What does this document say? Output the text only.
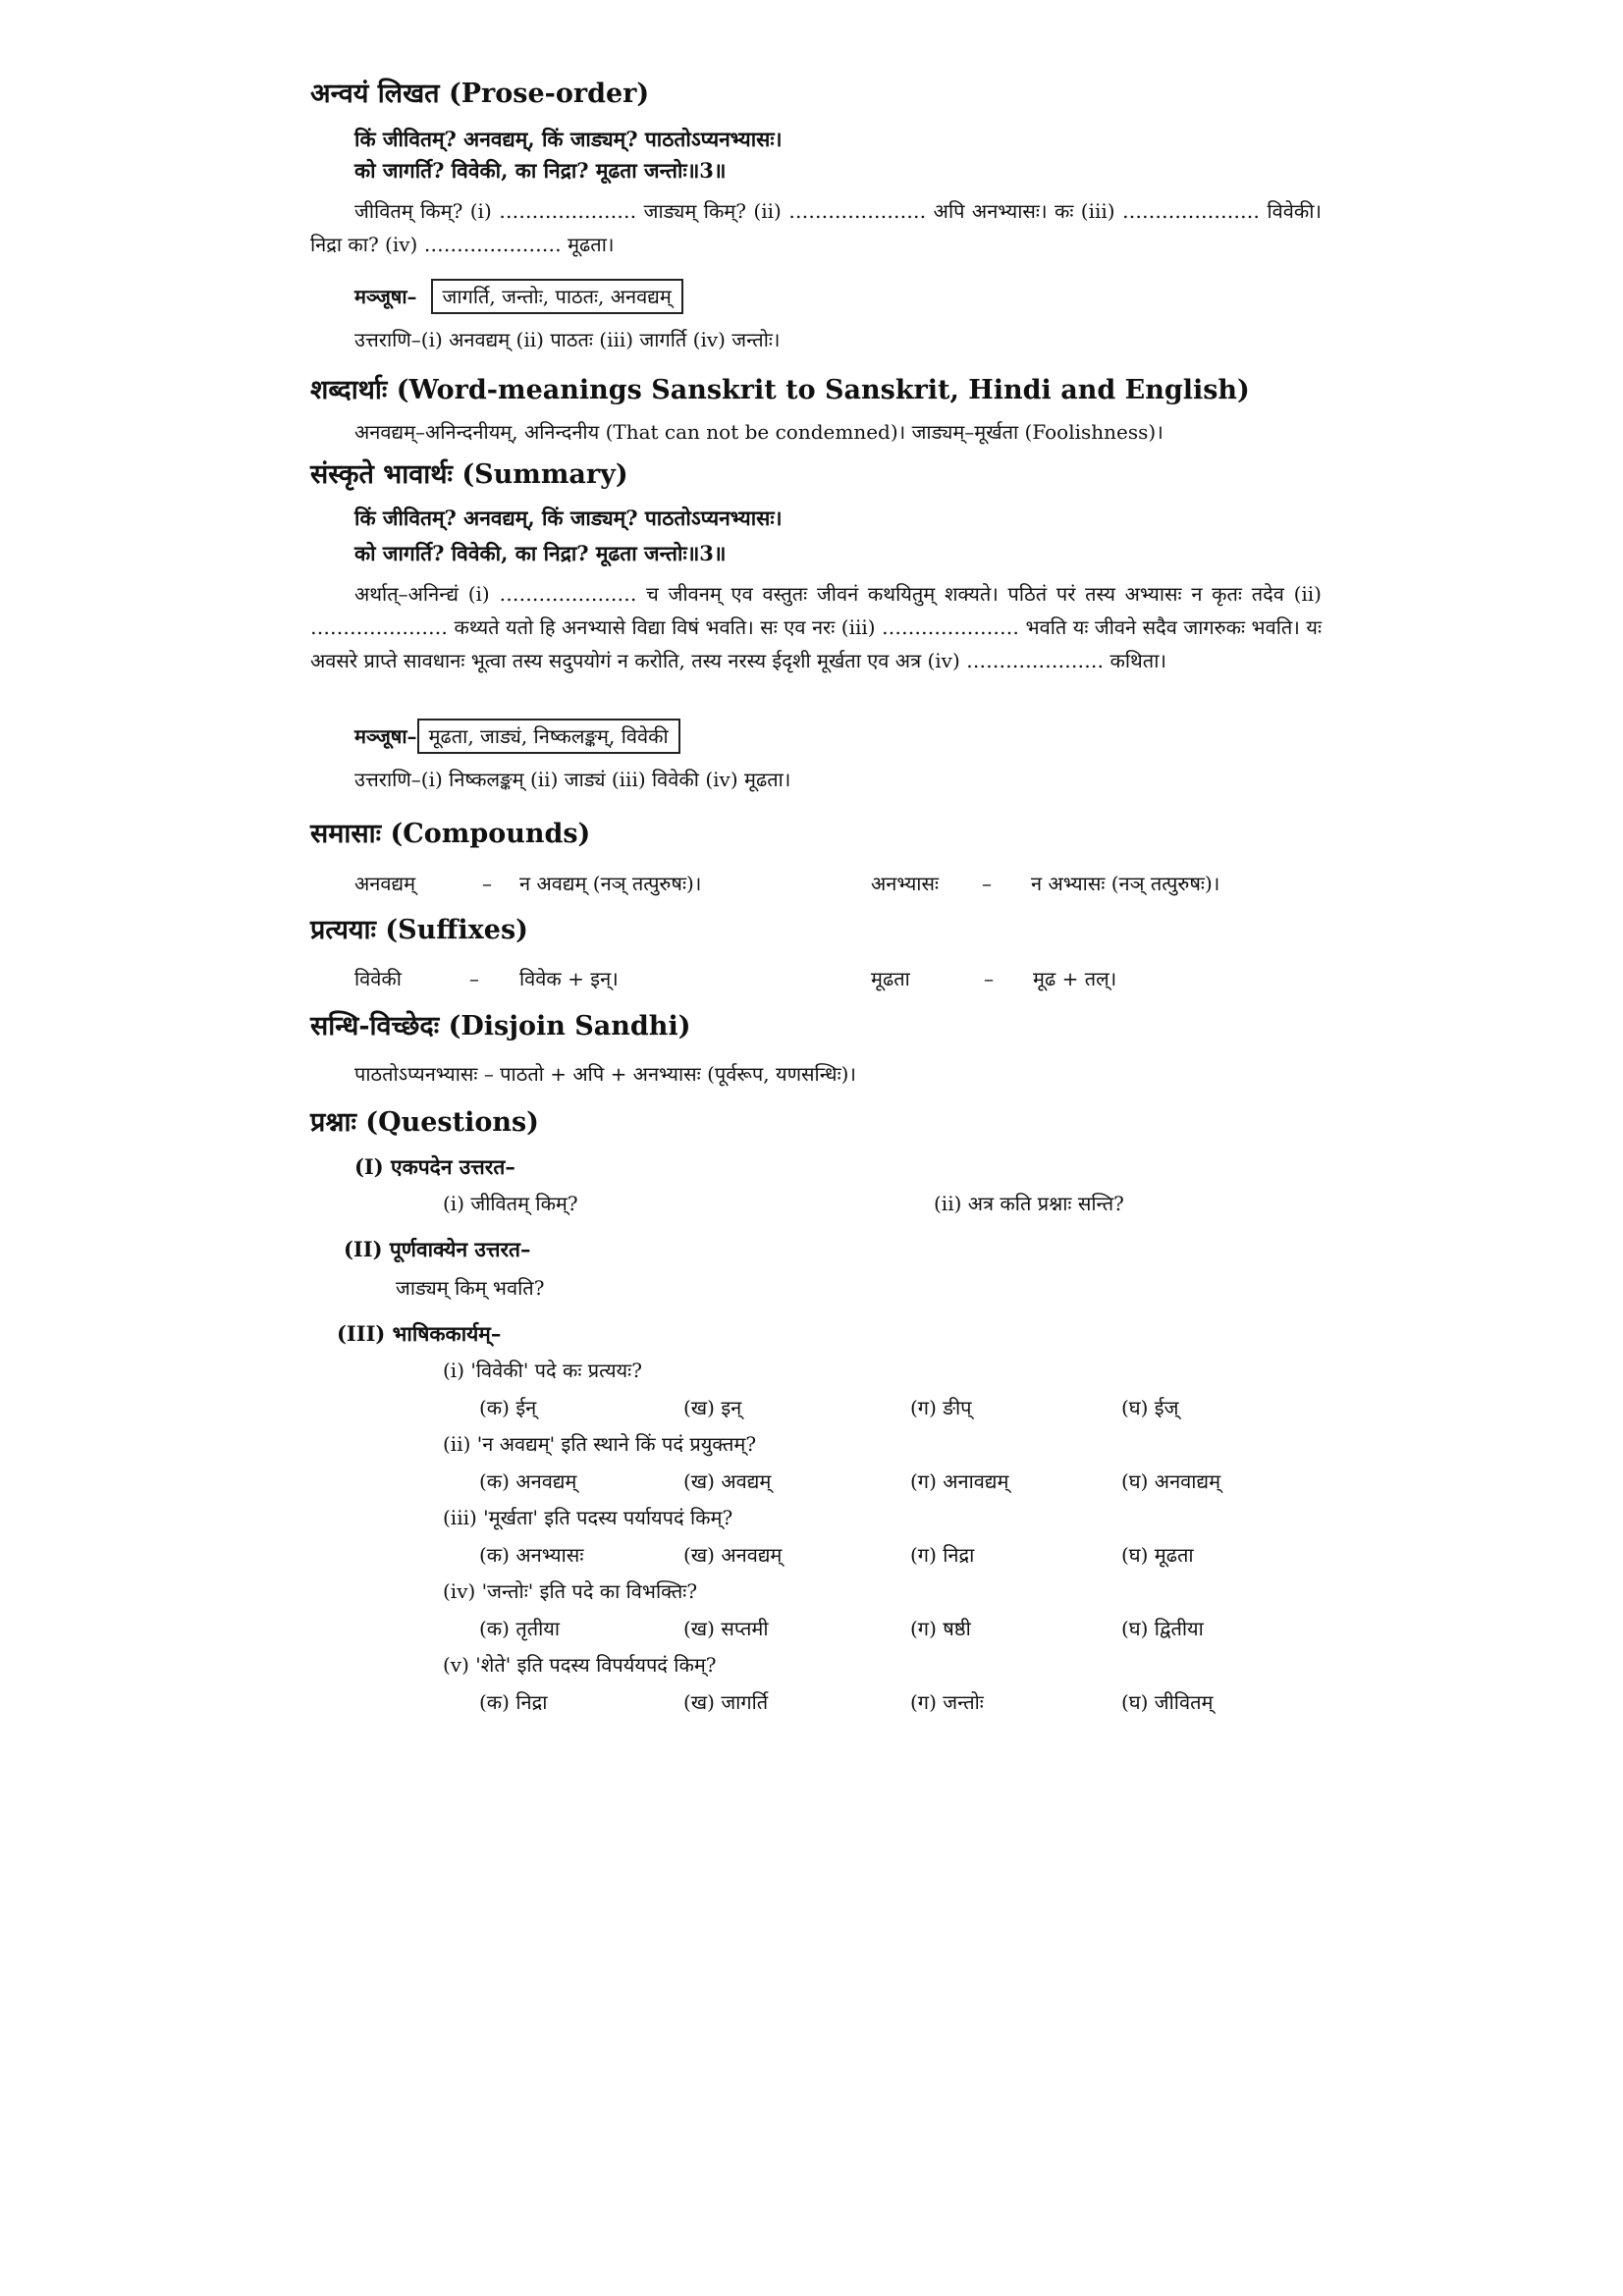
अन्वयं लिखत (Prose-order)
किं जीवितम्? अनवद्यम्, किं जाड्यम्? पाठतोऽप्यनभ्यासः।
को जागर्ति? विवेकी, का निद्रा? मूढता जन्तोः॥3॥
जीवितम् किम्? (i) ………………… जाड्यम् किम्? (ii) ………………… अपि अनभ्यासः। कः (iii) ………………… विवेकी। निद्रा का? (iv) ………………… मूढता।
मञ्जूषा– जागर्ति, जन्तोः, पाठतः, अनवद्यम्
उत्तराणि–(i) अनवद्यम् (ii) पाठतः (iii) जागर्ति (iv) जन्तोः।
शब्दार्थाः (Word-meanings Sanskrit to Sanskrit, Hindi and English)
अनवद्यम्–अनिन्दनीयम्, अनिन्दनीय (That can not be condemned)। जाड्यम्–मूर्खता (Foolishness)।
संस्कृते भावार्थः (Summary)
किं जीवितम्? अनवद्यम्, किं जाड्यम्? पाठतोऽप्यनभ्यासः।
को जागर्ति? विवेकी, का निद्रा? मूढता जन्तोः॥3॥
अर्थात्–अनिन्द्यं (i) ………………… च जीवनम् एव वस्तुतः जीवनं कथयितुम् शक्यते। पठितं परं तस्य अभ्यासः न कृतः तदेव (ii) ………………… कथ्यते यतो हि अनभ्यासे विद्या विषं भवति। सः एव नरः (iii) ………………… भवति यः जीवने सदैव जागरुकः भवति। यः अवसरे प्राप्ते सावधानः भूत्वा तस्य सदुपयोगं न करोति, तस्य नरस्य ईदृशी मूर्खता एव अत्र (iv) ………………… कथिता।
मञ्जूषा– मूढता, जाड्यं, निष्कलङ्कम्, विवेकी
उत्तराणि–(i) निष्कलङ्कम् (ii) जाड्यं (iii) विवेकी (iv) मूढता।
समासाः (Compounds)
अनवद्यम्	– न अवद्यम् (नञ् तत्पुरुषः)।	अनभ्यासः – न अभ्यासः (नञ् तत्पुरुषः)।
प्रत्ययाः (Suffixes)
विवेकी	– विवेक + इन्।	मूढता	– मूढ + तल्।
सन्धि-विच्छेदः (Disjoin Sandhi)
पाठतोऽप्यनभ्यासः – पाठतो + अपि + अनभ्यासः (पूर्वरूप, यणसन्धिः)।
प्रश्नाः (Questions)
(I) एकपदेन उत्तरत–
(i) जीवितम् किम्?	(ii) अत्र कति प्रश्नाः सन्ति?
(II) पूर्णवाक्येन उत्तरत–
जाड्यम् किम् भवति?
(III) भाषिककार्यम्–
(i) 'विवेकी' पदे कः प्रत्ययः?
(क) ईन्	(ख) इन्	(ग) ङीप्	(घ) ईज्
(ii) 'न अवद्यम्' इति स्थाने किं पदं प्रयुक्तम्?
(क) अनवद्यम्	(ख) अवद्यम्	(ग) अनावद्यम्	(घ) अनवाद्यम्
(iii) 'मूर्खता' इति पदस्य पर्यायपदं किम्?
(क) अनभ्यासः	(ख) अनवद्यम्	(ग) निद्रा	(घ) मूढता
(iv) 'जन्तोः' इति पदे का विभक्तिः?
(क) तृतीया	(ख) सप्तमी	(ग) षष्ठी	(घ) द्वितीया
(v) 'शेते' इति पदस्य विपर्ययपदं किम्?
(क) निद्रा	(ख) जागर्ति	(ग) जन्तोः	(घ) जीवितम्
